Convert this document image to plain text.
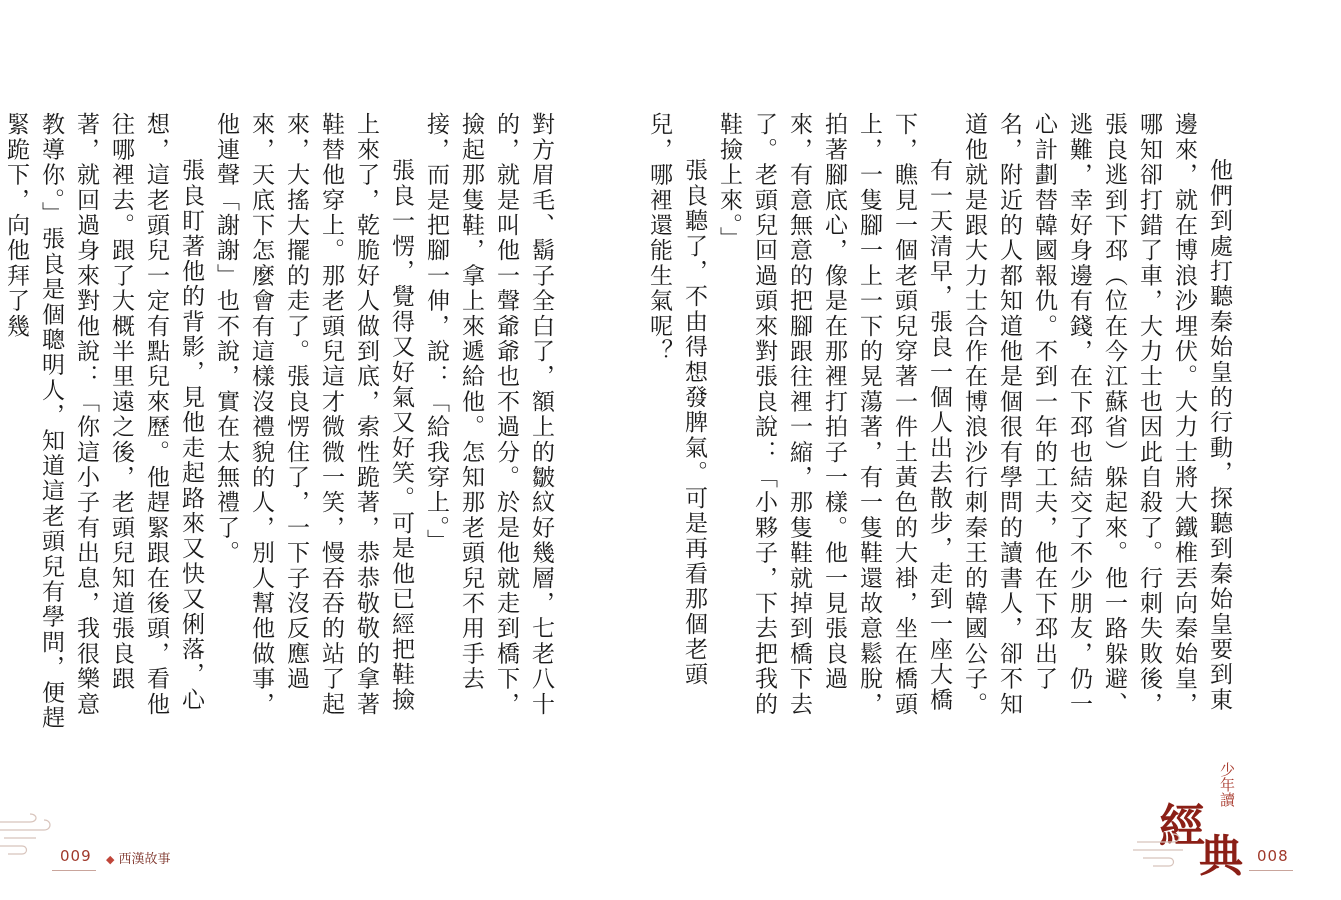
對方眉毛、鬍子全白了，額上的皺紋好幾層，七老八十的，就是叫他一聲爺爺也不過分。於是他就走到橋下，撿起那隻鞋，拿上來遞給他。怎知那老頭兒不用手去接，而是把腳一伸，說：「給我穿上。」

張良一愣，覺得又好氣又好笑。可是他已經把鞋撿上來了，乾脆好人做到底，索性跪著，恭恭敬敬的拿著鞋替他穿上。那老頭兒這才微微一笑，慢吞吞的站了起來，大搖大擺的走了。張良愣住了，一下子沒反應過來，天底下怎麼會有這樣沒禮貌的人，別人幫他做事，他連聲「謝謝」也不說，實在太無禮了。

張良盯著他的背影，見他走起路來又快又俐落，心想，這老頭兒一定有點兒來歷。他趕緊跟在後頭，看他往哪裡去。跟了大概半里遠之後，老頭兒知道張良跟著，就回過身來對他說：「你這小子有出息，我很樂意教導你。」張良是個聰明人，知道這老頭兒有學問，便趕緊跪下，向他拜了幾

009 ◆ 西漢故事

他們到處打聽秦始皇的行動，探聽到秦始皇要到東邊來，就在博浪沙埋伏。大力士將大鐵椎丟向秦始皇，哪知卻打錯了車，大力士也因此自殺了。行刺失敗後，張良逃到下邳（位在今江蘇省）躲起來。他一路躲避、逃難，幸好身邊有錢，在下邳也結交了不少朋友，仍一心計劃替韓國報仇。不到一年的工夫，他在下邳出了名，附近的人都知道他是個很有學問的讀書人，卻不知道他就是跟大力士合作在博浪沙行刺秦王的韓國公子。

有一天清早，張良一個人出去散步，走到一座大橋下，瞧見一個老頭兒穿著一件土黃色的大褂，坐在橋頭上，一隻腳一上一下的晃蕩著，有一隻鞋還故意鬆脫，拍著腳底心，像是在那裡打拍子一樣。他一見張良過來，有意無意的把腳跟往裡一縮，那隻鞋就掉到橋下去了。老頭兒回過頭來對張良說：「小夥子，下去把我的鞋撿上來。」

張良聽了，不由得想發脾氣。可是再看那個老頭兒，哪裡還能生氣呢？

少年讀
經
典 008
